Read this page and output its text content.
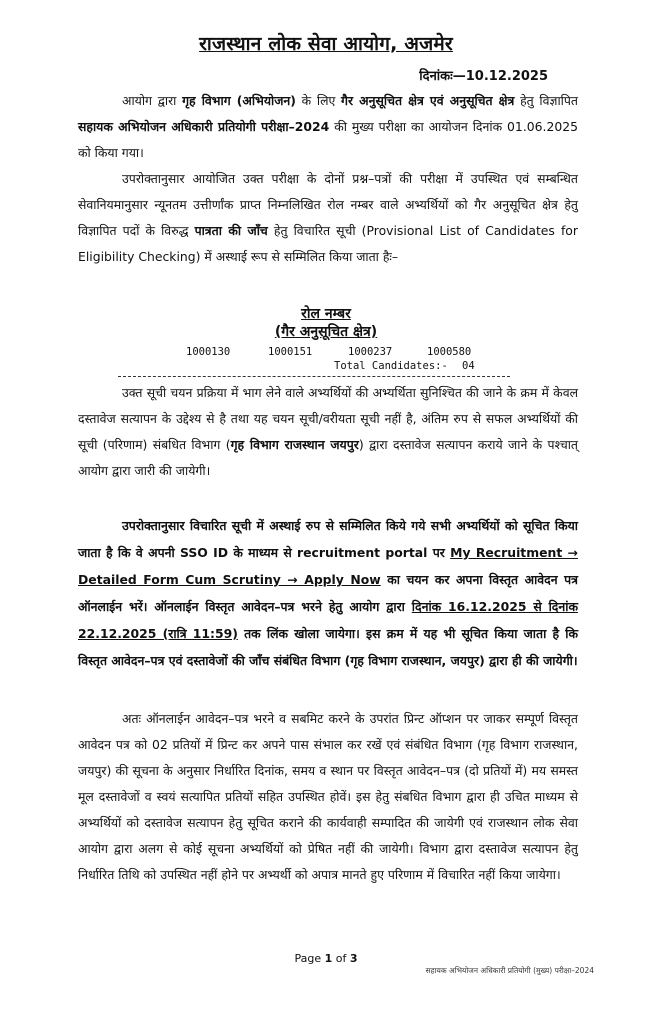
राजस्थान लोक सेवा आयोग, अजमेर
दिनांकः—10.12.2025

आयोग द्वारा गृह विभाग (अभियोजन) के लिए गैर अनुसूचित क्षेत्र एवं अनुसूचित क्षेत्र हेतु विज्ञापित सहायक अभियोजन अधिकारी प्रतियोगी परीक्षा–2024 की मुख्य परीक्षा का आयोजन दिनांक 01.06.2025 को किया गया।

उपरोक्तानुसार आयोजित उक्त परीक्षा के दोनों प्रश्न–पत्रों की परीक्षा में उपस्थित एवं सम्बन्धित सेवानियमानुसार न्यूनतम उत्तीर्णांक प्राप्त निम्नलिखित रोल नम्बर वाले अभ्यर्थियों को गैर अनुसूचित क्षेत्र हेतु विज्ञापित पदों के विरुद्ध पात्रता की जाँच हेतु विचारित सूची (Provisional List of Candidates for Eligibility Checking) में अस्थाई रूप से सम्मिलित किया जाता हैः–

रोल नम्बर
(गैर अनुसूचित क्षेत्र)
1000130	1000151	1000237	1000580
Total Candidates:- 04

उक्त सूची चयन प्रक्रिया में भाग लेने वाले अभ्यर्थियों की अभ्यर्थिता सुनिश्चित की जाने के क्रम में केवल दस्तावेज सत्यापन के उद्देश्य से है तथा यह चयन सूची/वरीयता सूची नहीं है, अंतिम रुप से सफल अभ्यर्थियों की सूची (परिणाम) संबधित विभाग (गृह विभाग राजस्थान जयपुर) द्वारा दस्तावेज सत्यापन कराये जाने के पश्चात् आयोग द्वारा जारी की जायेगी।

उपरोक्तानुसार विचारित सूची में अस्थाई रुप से सम्मिलित किये गये सभी अभ्यर्थियों को सूचित किया जाता है कि वे अपनी SSO ID के माध्यम से recruitment portal पर My Recruitment → Detailed Form Cum Scrutiny → Apply Now का चयन कर अपना विस्तृत आवेदन पत्र ऑनलाईन भरें। ऑनलाईन विस्तृत आवेदन–पत्र भरने हेतु आयोग द्वारा दिनांक 16.12.2025 से दिनांक 22.12.2025 (रात्रि 11:59) तक लिंक खोला जायेगा। इस क्रम में यह भी सूचित किया जाता है कि विस्तृत आवेदन–पत्र एवं दस्तावेजों की जाँच संबंधित विभाग (गृह विभाग राजस्थान, जयपुर) द्वारा ही की जायेगी।

अतः ऑनलाईन आवेदन–पत्र भरने व सबमिट करने के उपरांत प्रिन्ट ऑप्शन पर जाकर सम्पूर्ण विस्तृत आवेदन पत्र को 02 प्रतियों में प्रिन्ट कर अपने पास संभाल कर रखें एवं संबंधित विभाग (गृह विभाग राजस्थान, जयपुर) की सूचना के अनुसार निर्धारित दिनांक, समय व स्थान पर विस्तृत आवेदन–पत्र (दो प्रतियों में) मय समस्त मूल दस्तावेजों व स्वयं सत्यापित प्रतियों सहित उपस्थित होवें। इस हेतु संबधित विभाग द्वारा ही उचित माध्यम से अभ्यर्थियों को दस्तावेज सत्यापन हेतु सूचित कराने की कार्यवाही सम्पादित की जायेगी एवं राजस्थान लोक सेवा आयोग द्वारा अलग से कोई सूचना अभ्यर्थियों को प्रेषित नहीं की जायेगी। विभाग द्वारा दस्तावेज सत्यापन हेतु निर्धारित तिथि को उपस्थित नहीं होने पर अभ्यर्थी को अपात्र मानते हुए परिणाम में विचारित नहीं किया जायेगा।

Page 1 of 3
सहायक अभियोजन अधिकारी प्रतियोगी (मुख्य) परीक्षा–2024
